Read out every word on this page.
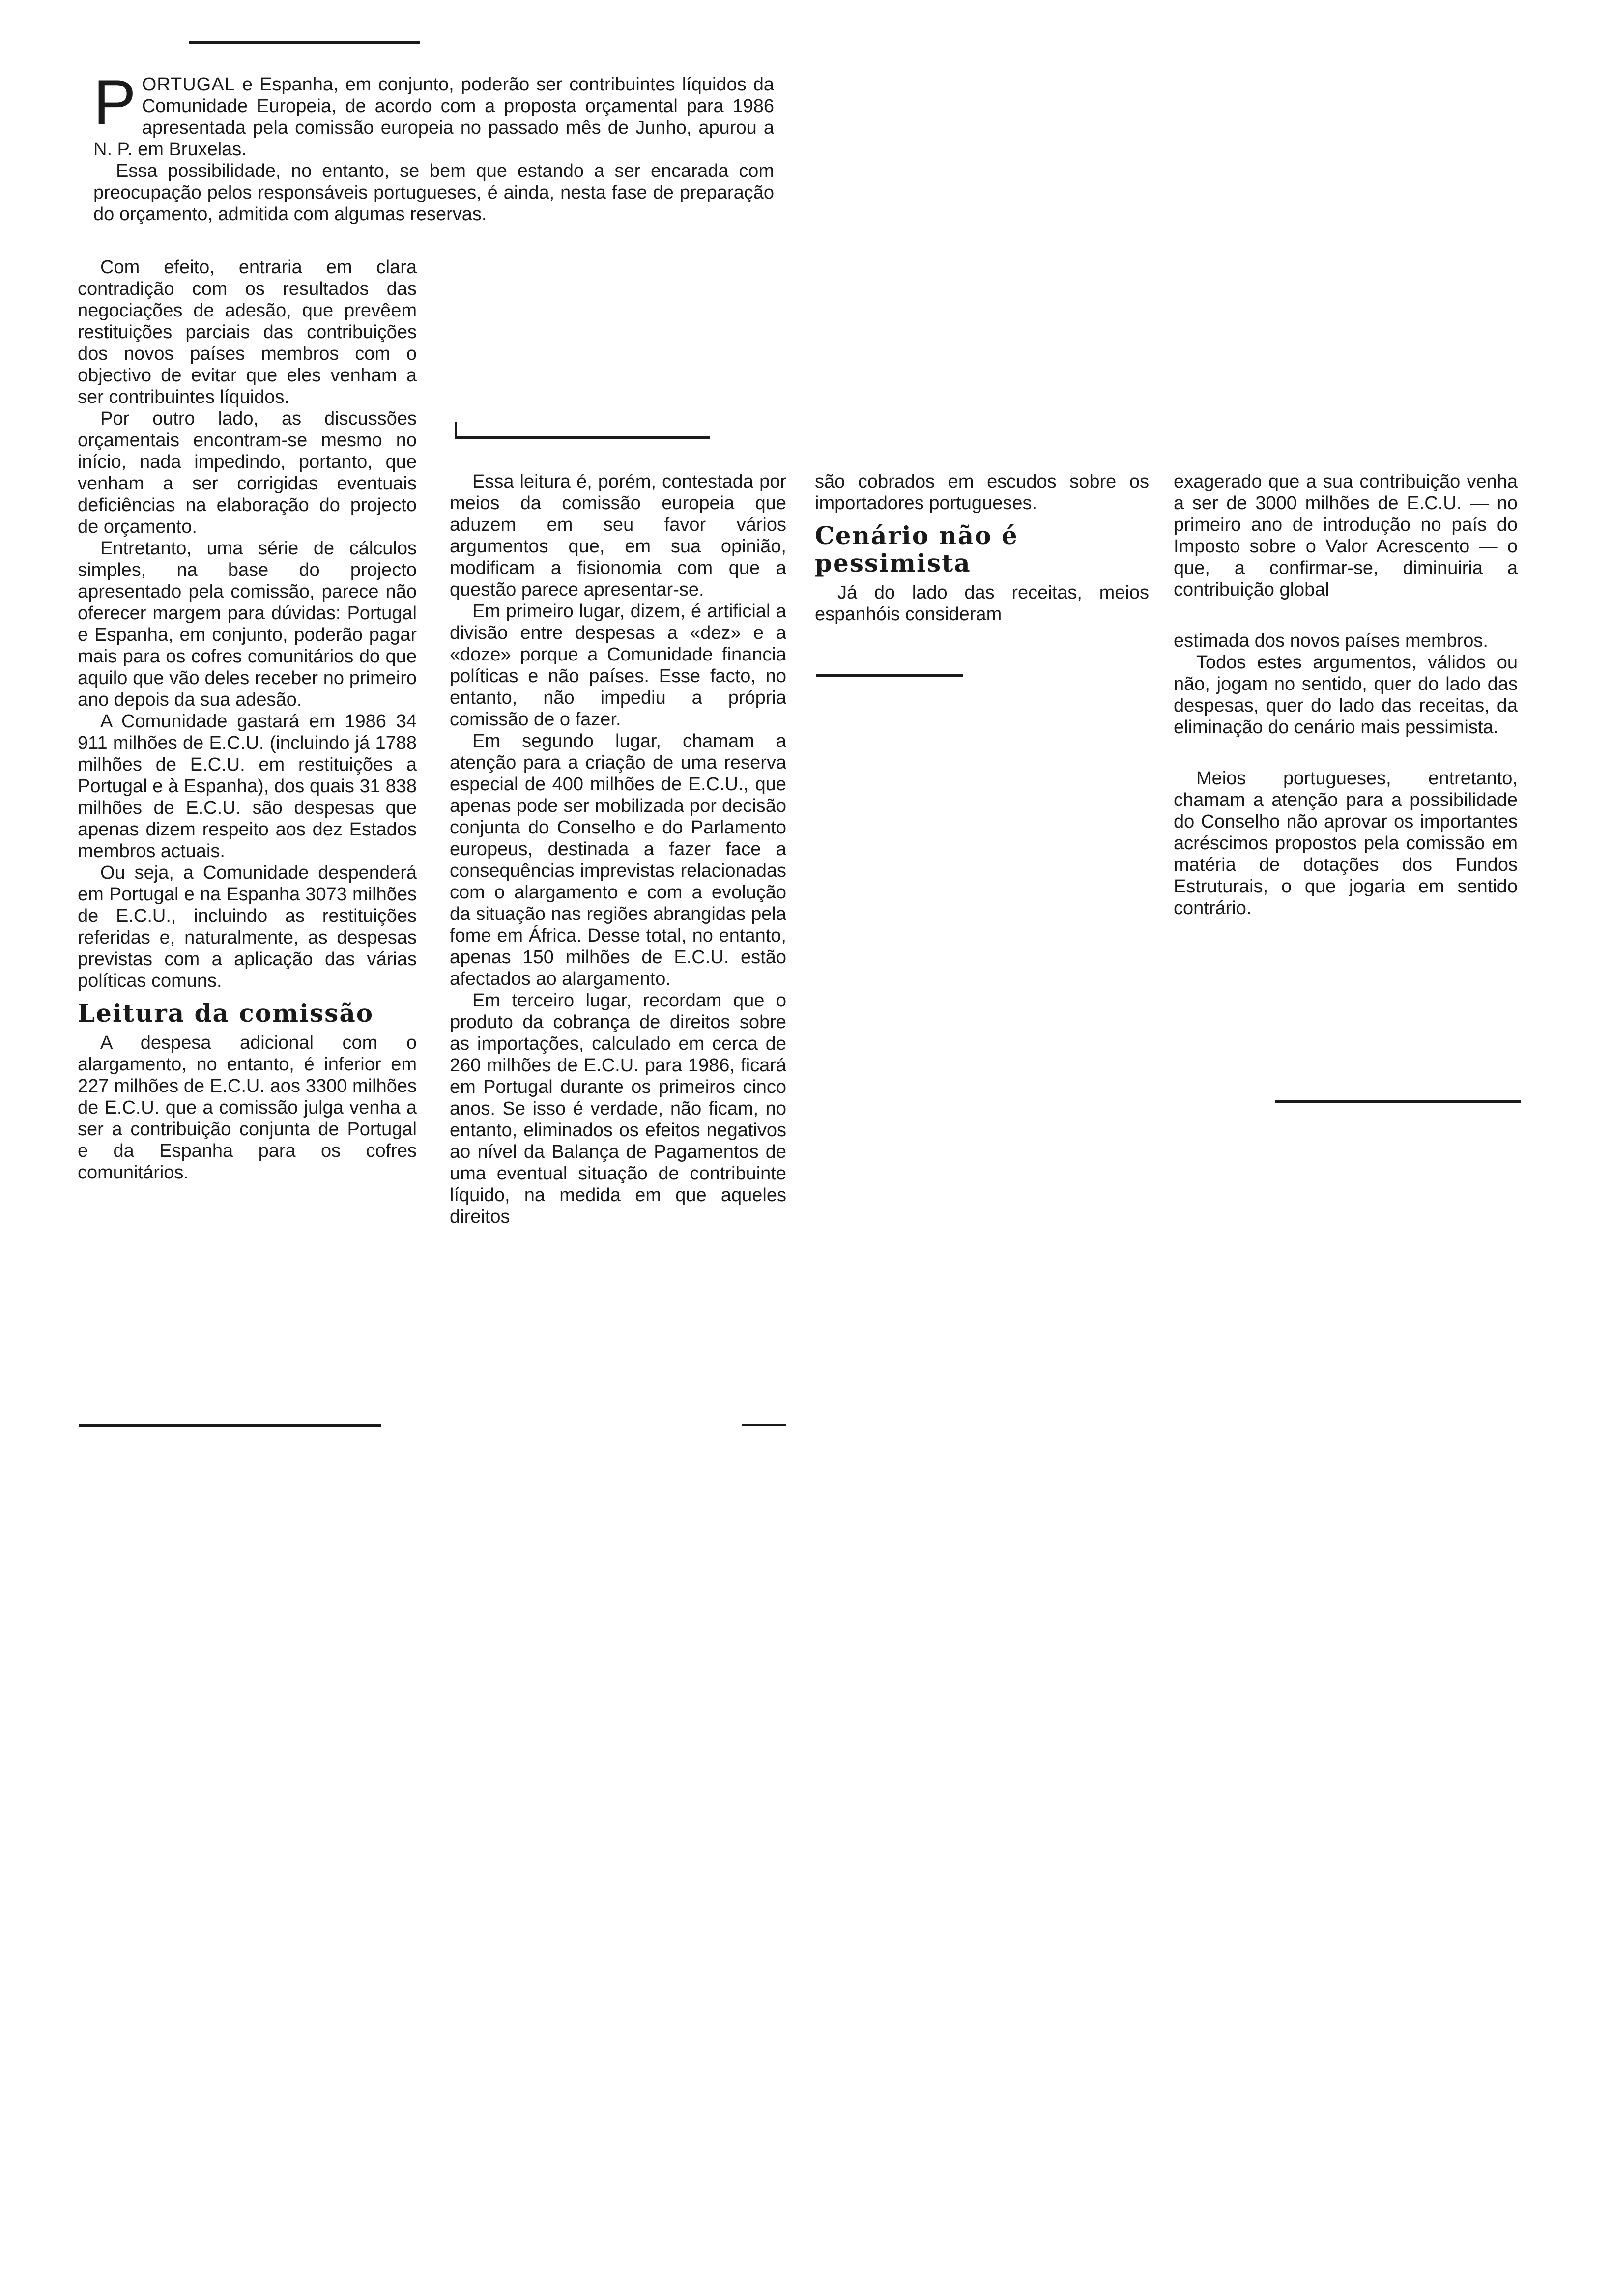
PORTUGAL e Espanha, em conjunto, poderão ser contribuintes líquidos da Comunidade Europeia, de acordo com a proposta orçamental para 1986 apresentada pela comissão europeia no passado mês de Junho, apurou a N. P. em Bruxelas.

Essa possibilidade, no entanto, se bem que estando a ser encarada com preocupação pelos responsáveis portugueses, é ainda, nesta fase de preparação do orçamento, admitida com algumas reservas.

Com efeito, entraria em clara contradição com os resultados das negociações de adesão, que prevêem restituições parciais das contribuições dos novos países membros com o objectivo de evitar que eles venham a ser contribuintes líquidos.

Por outro lado, as discussões orçamentais encontram-se mesmo no início, nada impedindo, portanto, que venham a ser corrigidas eventuais deficiências na elaboração do projecto de orçamento.

Entretanto, uma série de cálculos simples, na base do projecto apresentado pela comissão, parece não oferecer margem para dúvidas: Portugal e Espanha, em conjunto, poderão pagar mais para os cofres comunitários do que aquilo que vão deles receber no primeiro ano depois da sua adesão.

A Comunidade gastará em 1986 34 911 milhões de E.C.U. (incluindo já 1788 milhões de E.C.U. em restituições a Portugal e à Espanha), dos quais 31 838 milhões de E.C.U. são despesas que apenas dizem respeito aos dez Estados membros actuais.

Ou seja, a Comunidade despenderá em Portugal e na Espanha 3073 milhões de E.C.U., incluindo as restituições referidas e, naturalmente, as despesas previstas com a aplicação das várias políticas comuns.

Leitura da comissão

A despesa adicional com o alargamento, no entanto, é inferior em 227 milhões de E.C.U. aos 3300 milhões de E.C.U. que a comissão julga venha a ser a contribuição conjunta de Portugal e da Espanha para os cofres comunitários.

Essa leitura é, porém, contestada por meios da comissão europeia que aduzem em seu favor vários argumentos que, em sua opinião, modificam a fisionomia com que a questão parece apresentar-se.

Em primeiro lugar, dizem, é artificial a divisão entre despesas a «dez» e a «doze» porque a Comunidade financia políticas e não países. Esse facto, no entanto, não impediu a própria comissão de o fazer.

Em segundo lugar, chamam a atenção para a criação de uma reserva especial de 400 milhões de E.C.U., que apenas pode ser mobilizada por decisão conjunta do Conselho e do Parlamento europeus, destinada a fazer face a consequências imprevistas relacionadas com o alargamento e com a evolução da situação nas regiões abrangidas pela fome em África. Desse total, no entanto, apenas 150 milhões de E.C.U. estão afectados ao alargamento.

Em terceiro lugar, recordam que o produto da cobrança de direitos sobre as importações, calculado em cerca de 260 milhões de E.C.U. para 1986, ficará em Portugal durante os primeiros cinco anos. Se isso é verdade, não ficam, no entanto, eliminados os efeitos negativos ao nível da Balança de Pagamentos de uma eventual situação de contribuinte líquido, na medida em que aqueles direitos

são cobrados em escudos sobre os importadores portugueses.

Cenário não é pessimista

Já do lado das receitas, meios espanhóis consideram

exagerado que a sua contribuição venha a ser de 3000 milhões de E.C.U. — no primeiro ano de introdução no país do Imposto sobre o Valor Acrescento — o que, a confirmar-se, diminuiria a contribuição global

estimada dos novos países membros.

Todos estes argumentos, válidos ou não, jogam no sentido, quer do lado das despesas, quer do lado das receitas, da eliminação do cenário mais pessimista.

Meios portugueses, entretanto, chamam a atenção para a possibilidade do Conselho não aprovar os importantes acréscimos propostos pela comissão em matéria de dotações dos Fundos Estruturais, o que jogaria em sentido contrário.
